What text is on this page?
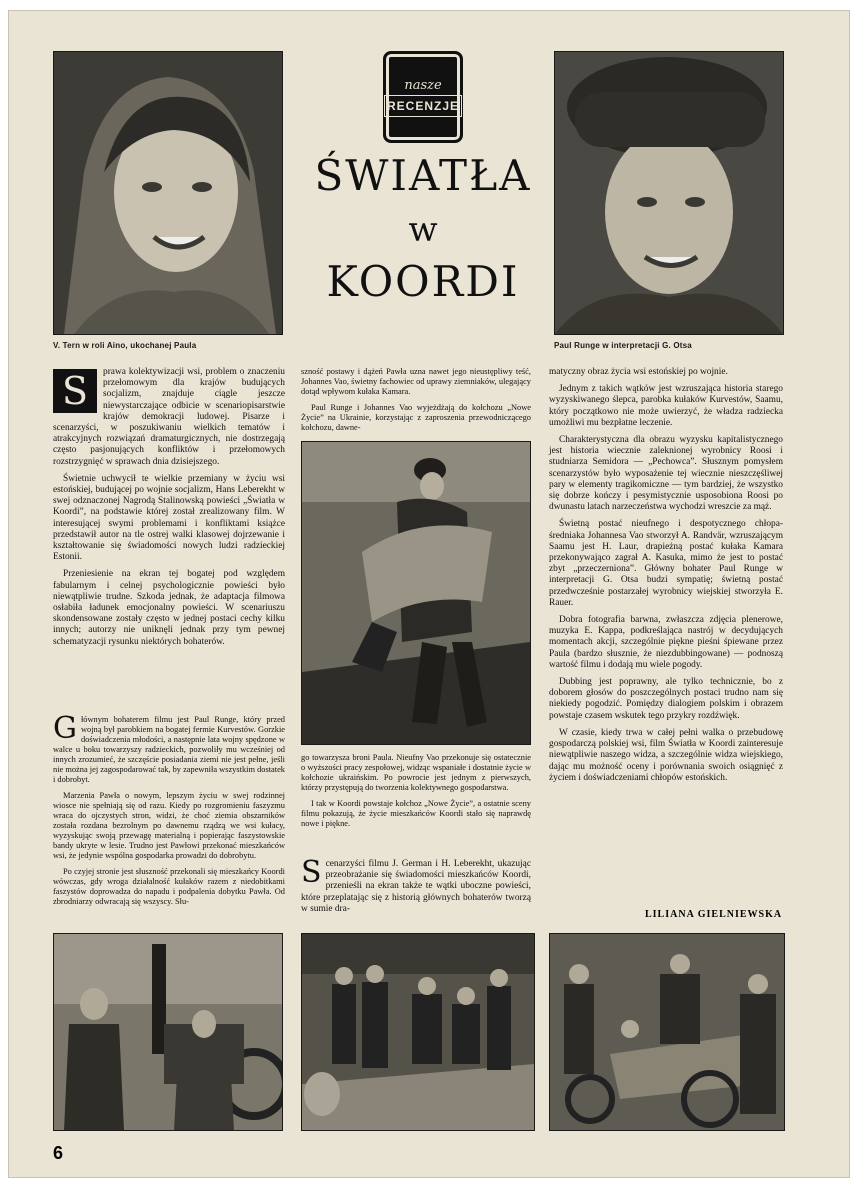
V. Tern w roli Aino, ukochanej Paula
nasze
RECENZJE
ŚWIATŁA
w
KOORDI
Paul Runge w interpretacji G. Otsa

S	prawa kolektywizacji wsi, problem o znaczeniu przełomowym dla krajów budujących socjalizm, znajduje ciągle jeszcze niewystarczające odbicie w scenariopisarstwie krajów demokracji ludowej. Pisarze i scenarzyści, w poszukiwaniu wielkich tematów i atrakcyjnych rozwiązań dramaturgicznych, nie dostrzegają często pasjonujących konfliktów i przełomowych rozstrzygnięć w sprawach dnia dzisiejszego.

Świetnie uchwycił te wielkie przemiany w życiu wsi estońskiej, budującej po wojnie socjalizm, Hans Leberekht w swej odznaczonej Nagrodą Stalinowską powieści „Światła w Koordi”, na podstawie której został zrealizowany film. W interesującej swymi problemami i konfliktami książce przedstawił autor na tle ostrej walki klasowej dojrzewanie i kształtowanie się świadomości nowych ludzi radzieckiej Estonii.

Przeniesienie na ekran tej bogatej pod względem fabularnym i celnej psychologicznie powieści było niewątpliwie trudne. Szkoda jednak, że adaptacja filmowa osłabiła ładunek emocjonalny powieści. W scenariuszu skondensowane zostały często w jednej postaci cechy kilku innych; autorzy nie uniknęli jednak przy tym pewnej schematyzacji rysunku niektórych bohaterów.

Głównym bohaterem filmu jest Paul Runge, który przed wojną był parobkiem na bogatej fermie Kurvestów. Gorzkie doświadczenia młodości, a następnie lata wojny spędzone w walce u boku towarzyszy radzieckich, pozwoliły mu wcześniej od innych zrozumieć, że szczęście posiadania ziemi nie jest pełne, jeśli nie można jej zagospodarować tak, by zapewniła wszystkim dostatek i dobrobyt.

Marzenia Pawła o nowym, lepszym życiu w swej rodzinnej wiosce nie spełniają się od razu. Kiedy po rozgromieniu faszyzmu wraca do ojczystych stron, widzi, że choć ziemia obszarników została rozdana bezrolnym po dawnemu rządzą we wsi kułacy, wyzyskując swoją przewagę materialną i popierając faszystowskie bandy ukryte w lesie. Trudno jest Pawłowi przekonać mieszkańców wsi, że jedynie wspólna gospodarka prowadzi do dobrobytu.

Po czyjej stronie jest słuszność przekonali się mieszkańcy Koordi wówczas, gdy wroga działalność kułaków razem z niedobitkami faszystów doprowadza do napadu i podpalenia dobytku Pawła. Od zbrodniarzy odwracają się wszyscy. Słu-

szność postawy i dążeń Pawła uzna nawet jego nieustępliwy teść, Johannes Vao, świetny fachowiec od uprawy ziemniaków, ulegający dotąd wpływom kułaka Kamara.

Paul Runge i Johannes Vao wyjeżdżają do kołchozu „Nowe Życie” na Ukrainie, korzystając z zaproszenia przewodniczącego kołchozu, dawne-

go towarzysza broni Paula. Nieufny Vao przekonuje się ostatecznie o wyższości pracy zespołowej, widząc wspaniałe i dostatnie życie w kołchozie ukraińskim. Po powrocie jest jednym z pierwszych, którzy przystępują do tworzenia kolektywnego gospodarstwa.

I tak w Koordi powstaje kołchoz „Nowe Życie”, a ostatnie sceny filmu pokazują, że życie mieszkańców Koordi stało się naprawdę nowe i piękne.

Scenarzyści filmu J. German i H. Leberekht, ukazując przeobrażanie się świadomości mieszkańców Koordi, przenieśli na ekran także te wątki uboczne powieści, które przeplatając się z historią głównych bohaterów tworzą w sumie dra-

matyczny obraz życia wsi estońskiej po wojnie.

Jednym z takich wątków jest wzruszająca historia starego wyzyskiwanego ślepca, parobka kułaków Kurvestów, Saamu, który początkowo nie może uwierzyć, że władza radziecka umożliwi mu bezpłatne leczenie.

Charakterystyczna dla obrazu wyzysku kapitalistycznego jest historia wiecznie zaleknionej wyrobnicy Roosi i studniarza Semidora — „Pechowca”. Słusznym pomysłem scenarzystów było wyposażenie tej wiecznie nieszczęśliwej pary w elementy tragikomiczne — tym bardziej, że wszystko się dobrze kończy i pesymistycznie usposobiona Roosi po dwunastu latach narzeczeństwa wychodzi wreszcie za mąż.

Świetną postać nieufnego i despotycznego chłopa-średniaka Johannesa Vao stworzył A. Randvär, wzruszającym Saamu jest H. Laur, drapieżną postać kułaka Kamara przekonywająco zagrał A. Kasuka, mimo że jest to postać zbyt „przeczerniona”. Główny bohater Paul Runge w interpretacji G. Otsa budzi sympatię; świetną postać przedwcześnie postarzałej wyrobnicy wiejskiej stworzyła E. Rauer.

Dobra fotografia barwna, zwłaszcza zdjęcia plenerowe, muzyka E. Kappa, podkreślająca nastrój w decydujących momentach akcji, szczególnie piękne pieśni śpiewane przez Paula (bardzo słusznie, że niezdubbingowane) — podnoszą wartość filmu i dodają mu wiele pogody.

Dubbing jest poprawny, ale tylko technicznie, bo z doborem głosów do poszczególnych postaci trudno nam się niekiedy pogodzić. Pomiędzy dialogiem polskim i obrazem powstaje czasem wskutek tego przykry rozdźwięk.

W czasie, kiedy trwa w całej pełni walka o przebudowę gospodarczą polskiej wsi, film Światła w Koordi zainteresuje niewątpliwie naszego widza, a szczególnie widza wiejskiego, dając mu możność oceny i porównania swoich osiągnięć z życiem i doświadczeniami chłopów estońskich.

LILIANA GIELNIEWSKA
6
